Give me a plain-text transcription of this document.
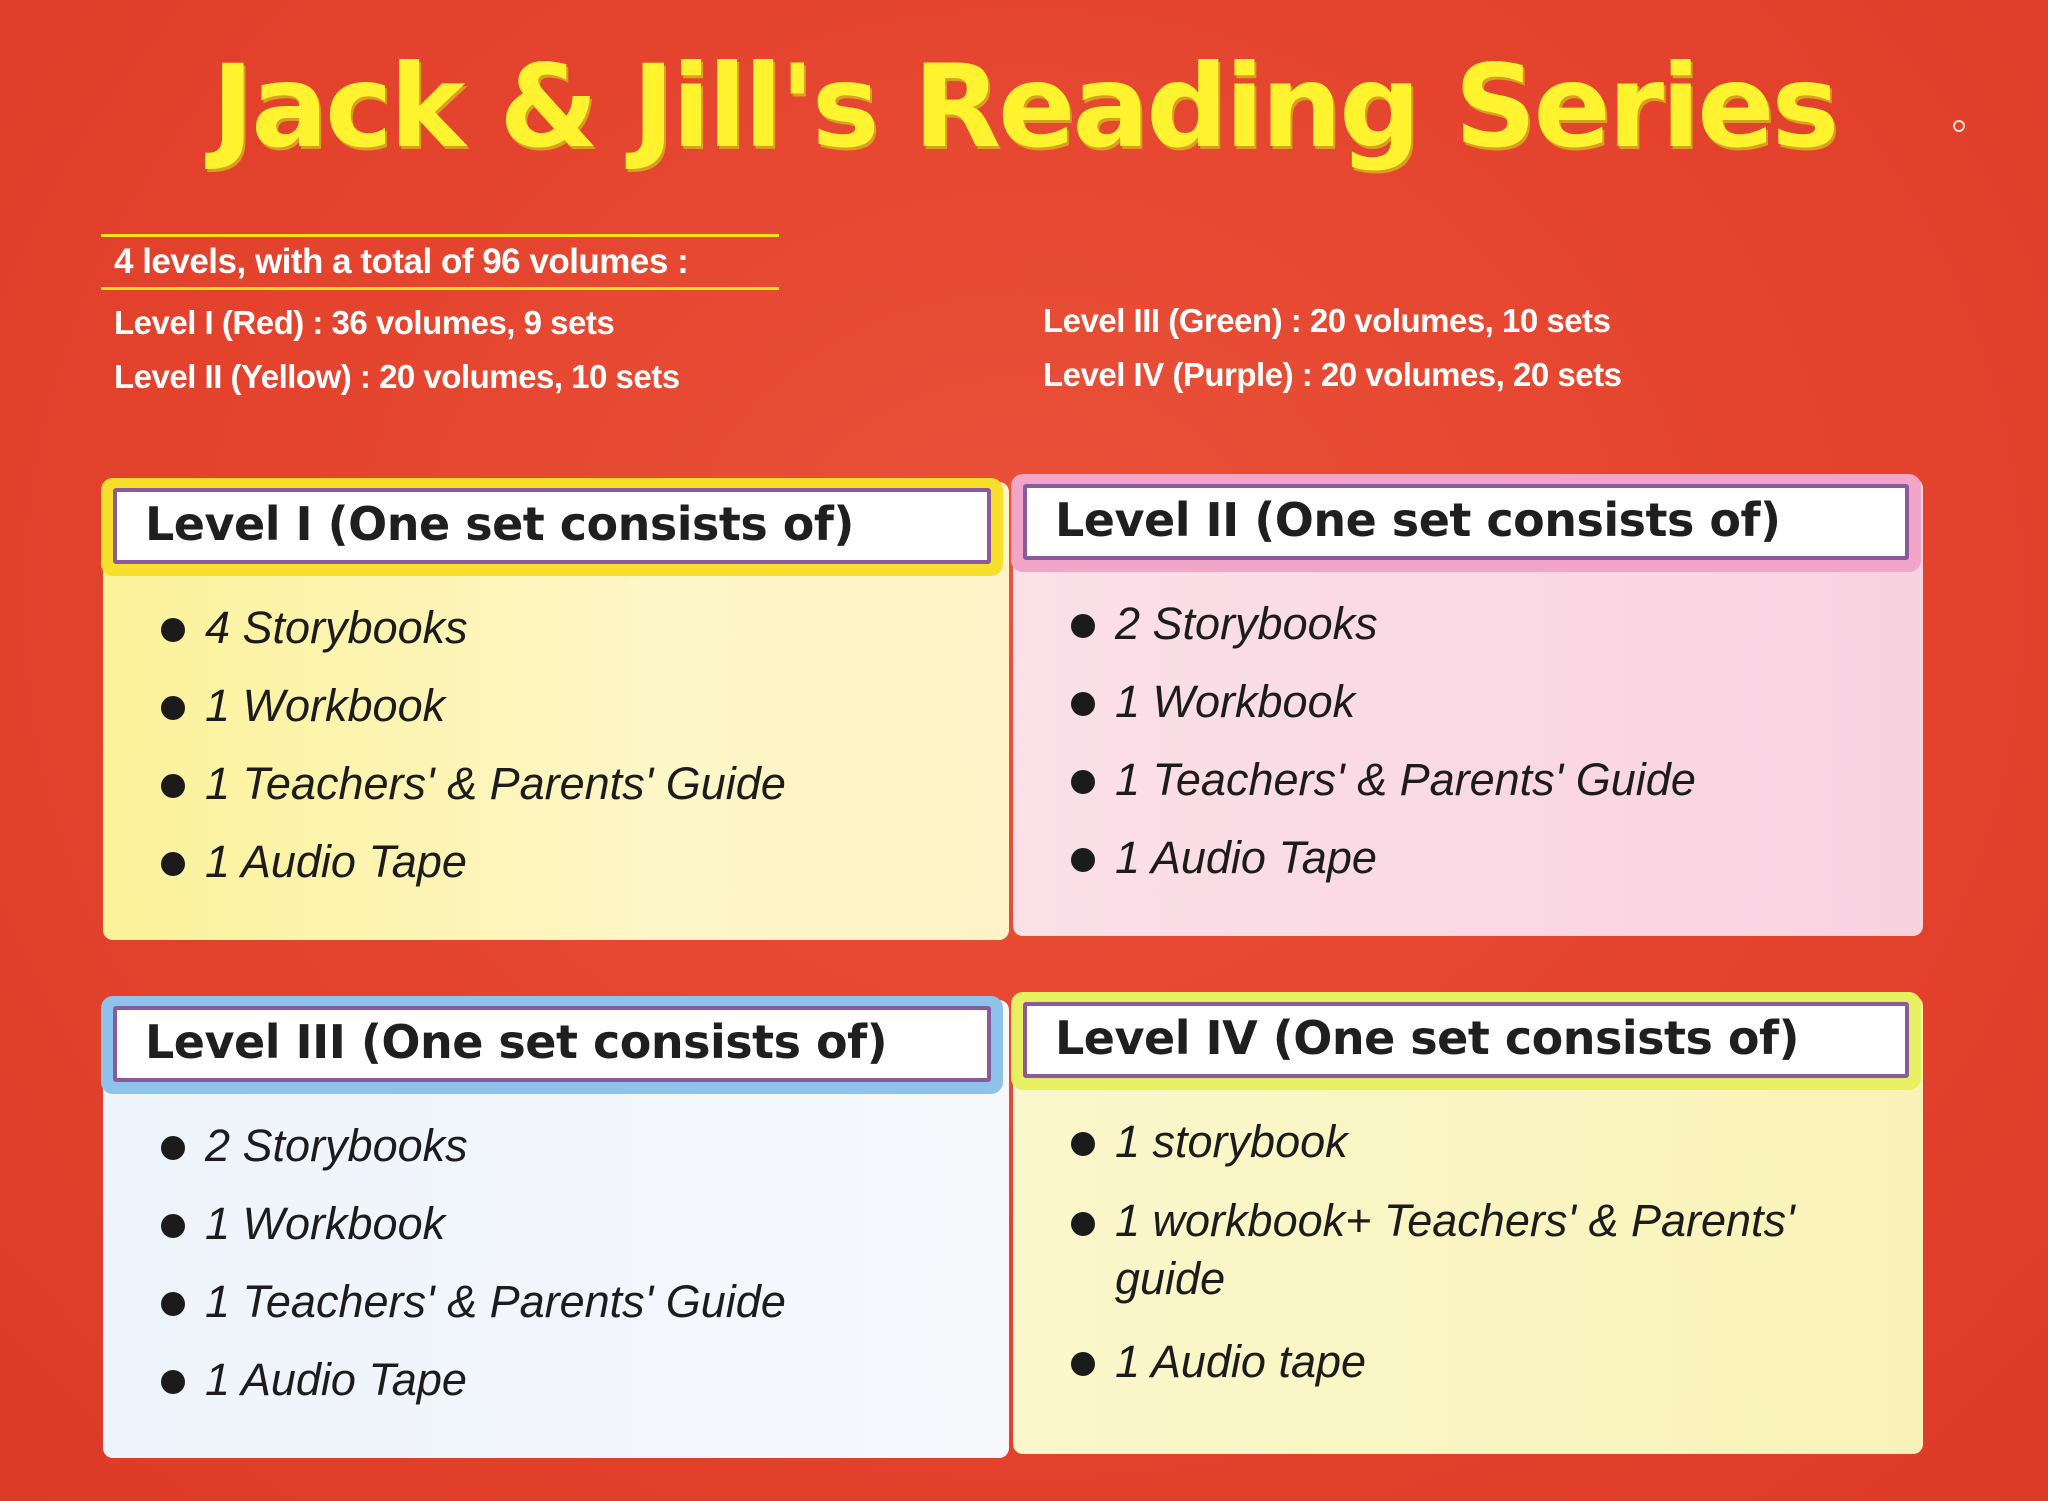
Jack & Jill's Reading Series
4 levels, with a total of 96 volumes :
Level I (Red) : 36 volumes, 9 sets
Level II (Yellow) : 20 volumes, 10 sets
Level III (Green) : 20 volumes, 10 sets
Level IV (Purple) : 20 volumes, 20 sets
Level I (One set consists of)
4 Storybooks
1 Workbook
1 Teachers' & Parents' Guide
1 Audio Tape
Level II (One set consists of)
2 Storybooks
1 Workbook
1 Teachers' & Parents' Guide
1 Audio Tape
Level III (One set consists of)
2 Storybooks
1 Workbook
1 Teachers' & Parents' Guide
1 Audio Tape
Level IV (One set consists of)
1 storybook
1 workbook+ Teachers' & Parents' guide
1 Audio tape
